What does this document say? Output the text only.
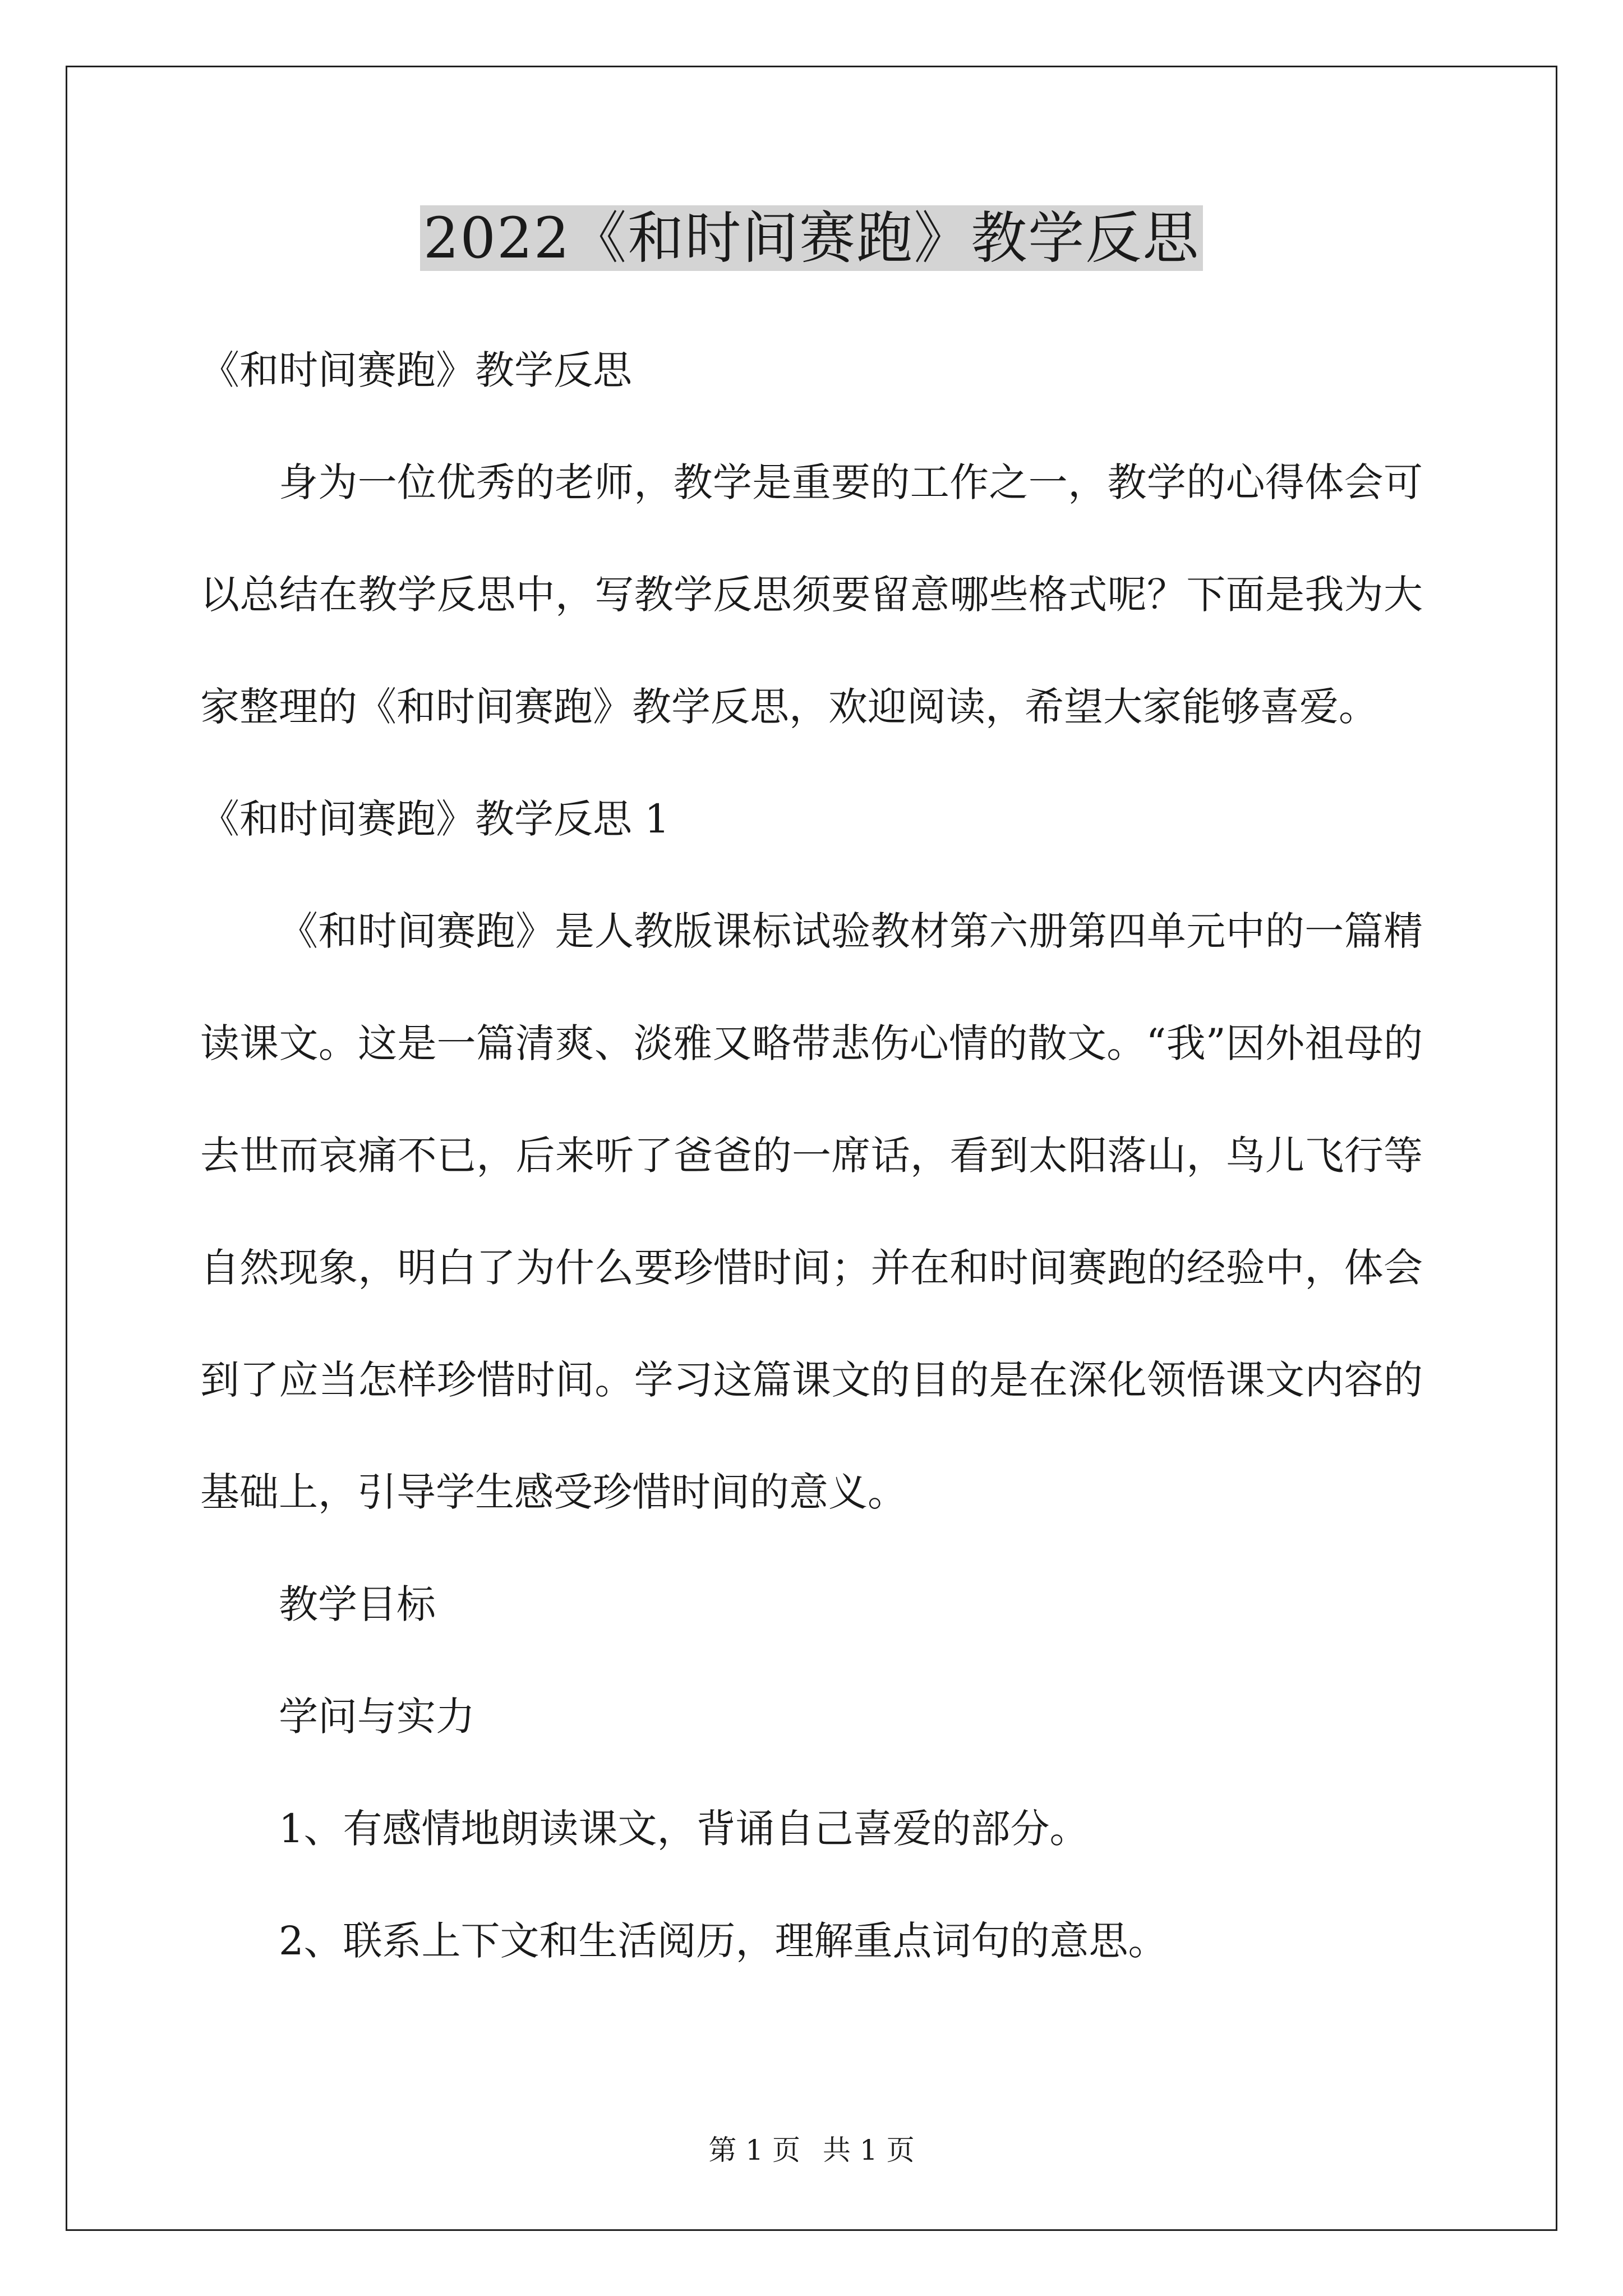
2022《和时间赛跑》教学反思

《和时间赛跑》教学反思

身为一位优秀的老师，教学是重要的工作之一，教学的心得体会可以总结在教学反思中，写教学反思须要留意哪些格式呢？下面是我为大家整理的《和时间赛跑》教学反思，欢迎阅读，希望大家能够喜爱。

《和时间赛跑》教学反思 1

《和时间赛跑》是人教版课标试验教材第六册第四单元中的一篇精读课文。这是一篇清爽、淡雅又略带悲伤心情的散文。“我”因外祖母的去世而哀痛不已，后来听了爸爸的一席话，看到太阳落山，鸟儿飞行等自然现象，明白了为什么要珍惜时间；并在和时间赛跑的经验中，体会到了应当怎样珍惜时间。学习这篇课文的目的是在深化领悟课文内容的基础上，引导学生感受珍惜时间的意义。

教学目标

学问与实力

1、有感情地朗读课文，背诵自己喜爱的部分。

2、联系上下文和生活阅历，理解重点词句的意思。

第 1 页 共 1 页
